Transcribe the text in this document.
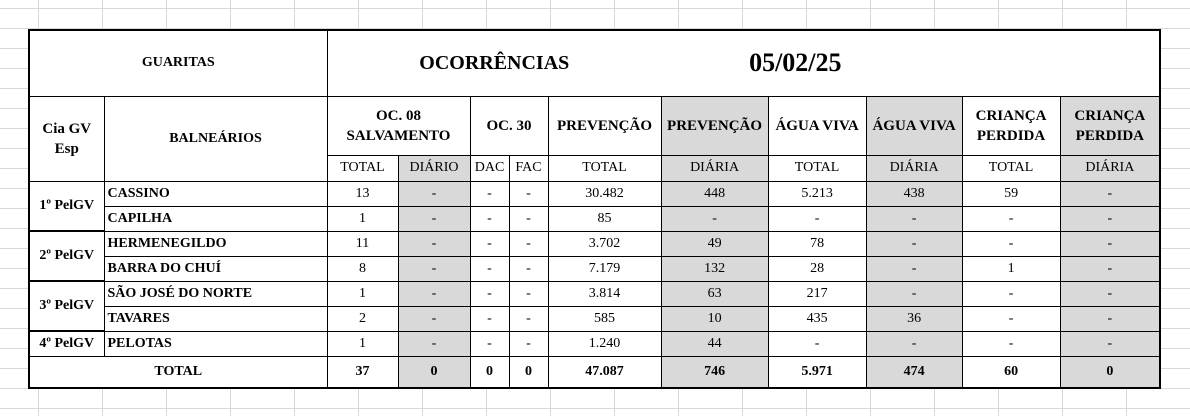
GUARITAS		OCORRÊNCIAS					05/02/25				
Cia GV Esp	BALNEÁRIOS	OC. 08 SALVAMENTO		OC. 30		PREVENÇÃO	PREVENÇÃO	ÁGUA VIVA	ÁGUA VIVA	CRIANÇA PERDIDA	CRIANÇA PERDIDA
		TOTAL	DIÁRIO	DAC	FAC	TOTAL	DIÁRIA	TOTAL	DIÁRIA	TOTAL	DIÁRIA
1º PelGV	CASSINO	13	-	-	-	30.482	448	5.213	438	59	-
	CAPILHA	1	-	-	-	85	-	-	-	-	-
2º PelGV	HERMENEGILDO	11	-	-	-	3.702	49	78	-	-	-
	BARRA DO CHUÍ	8	-	-	-	7.179	132	28	-	1	-
3º PelGV	SÃO JOSÉ DO NORTE	1	-	-	-	3.814	63	217	-	-	-
	TAVARES	2	-	-	-	585	10	435	36	-	-
4º PelGV	PELOTAS	1	-	-	-	1.240	44	-	-	-	-
TOTAL		37	0	0	0	47.087	746	5.971	474	60	0
